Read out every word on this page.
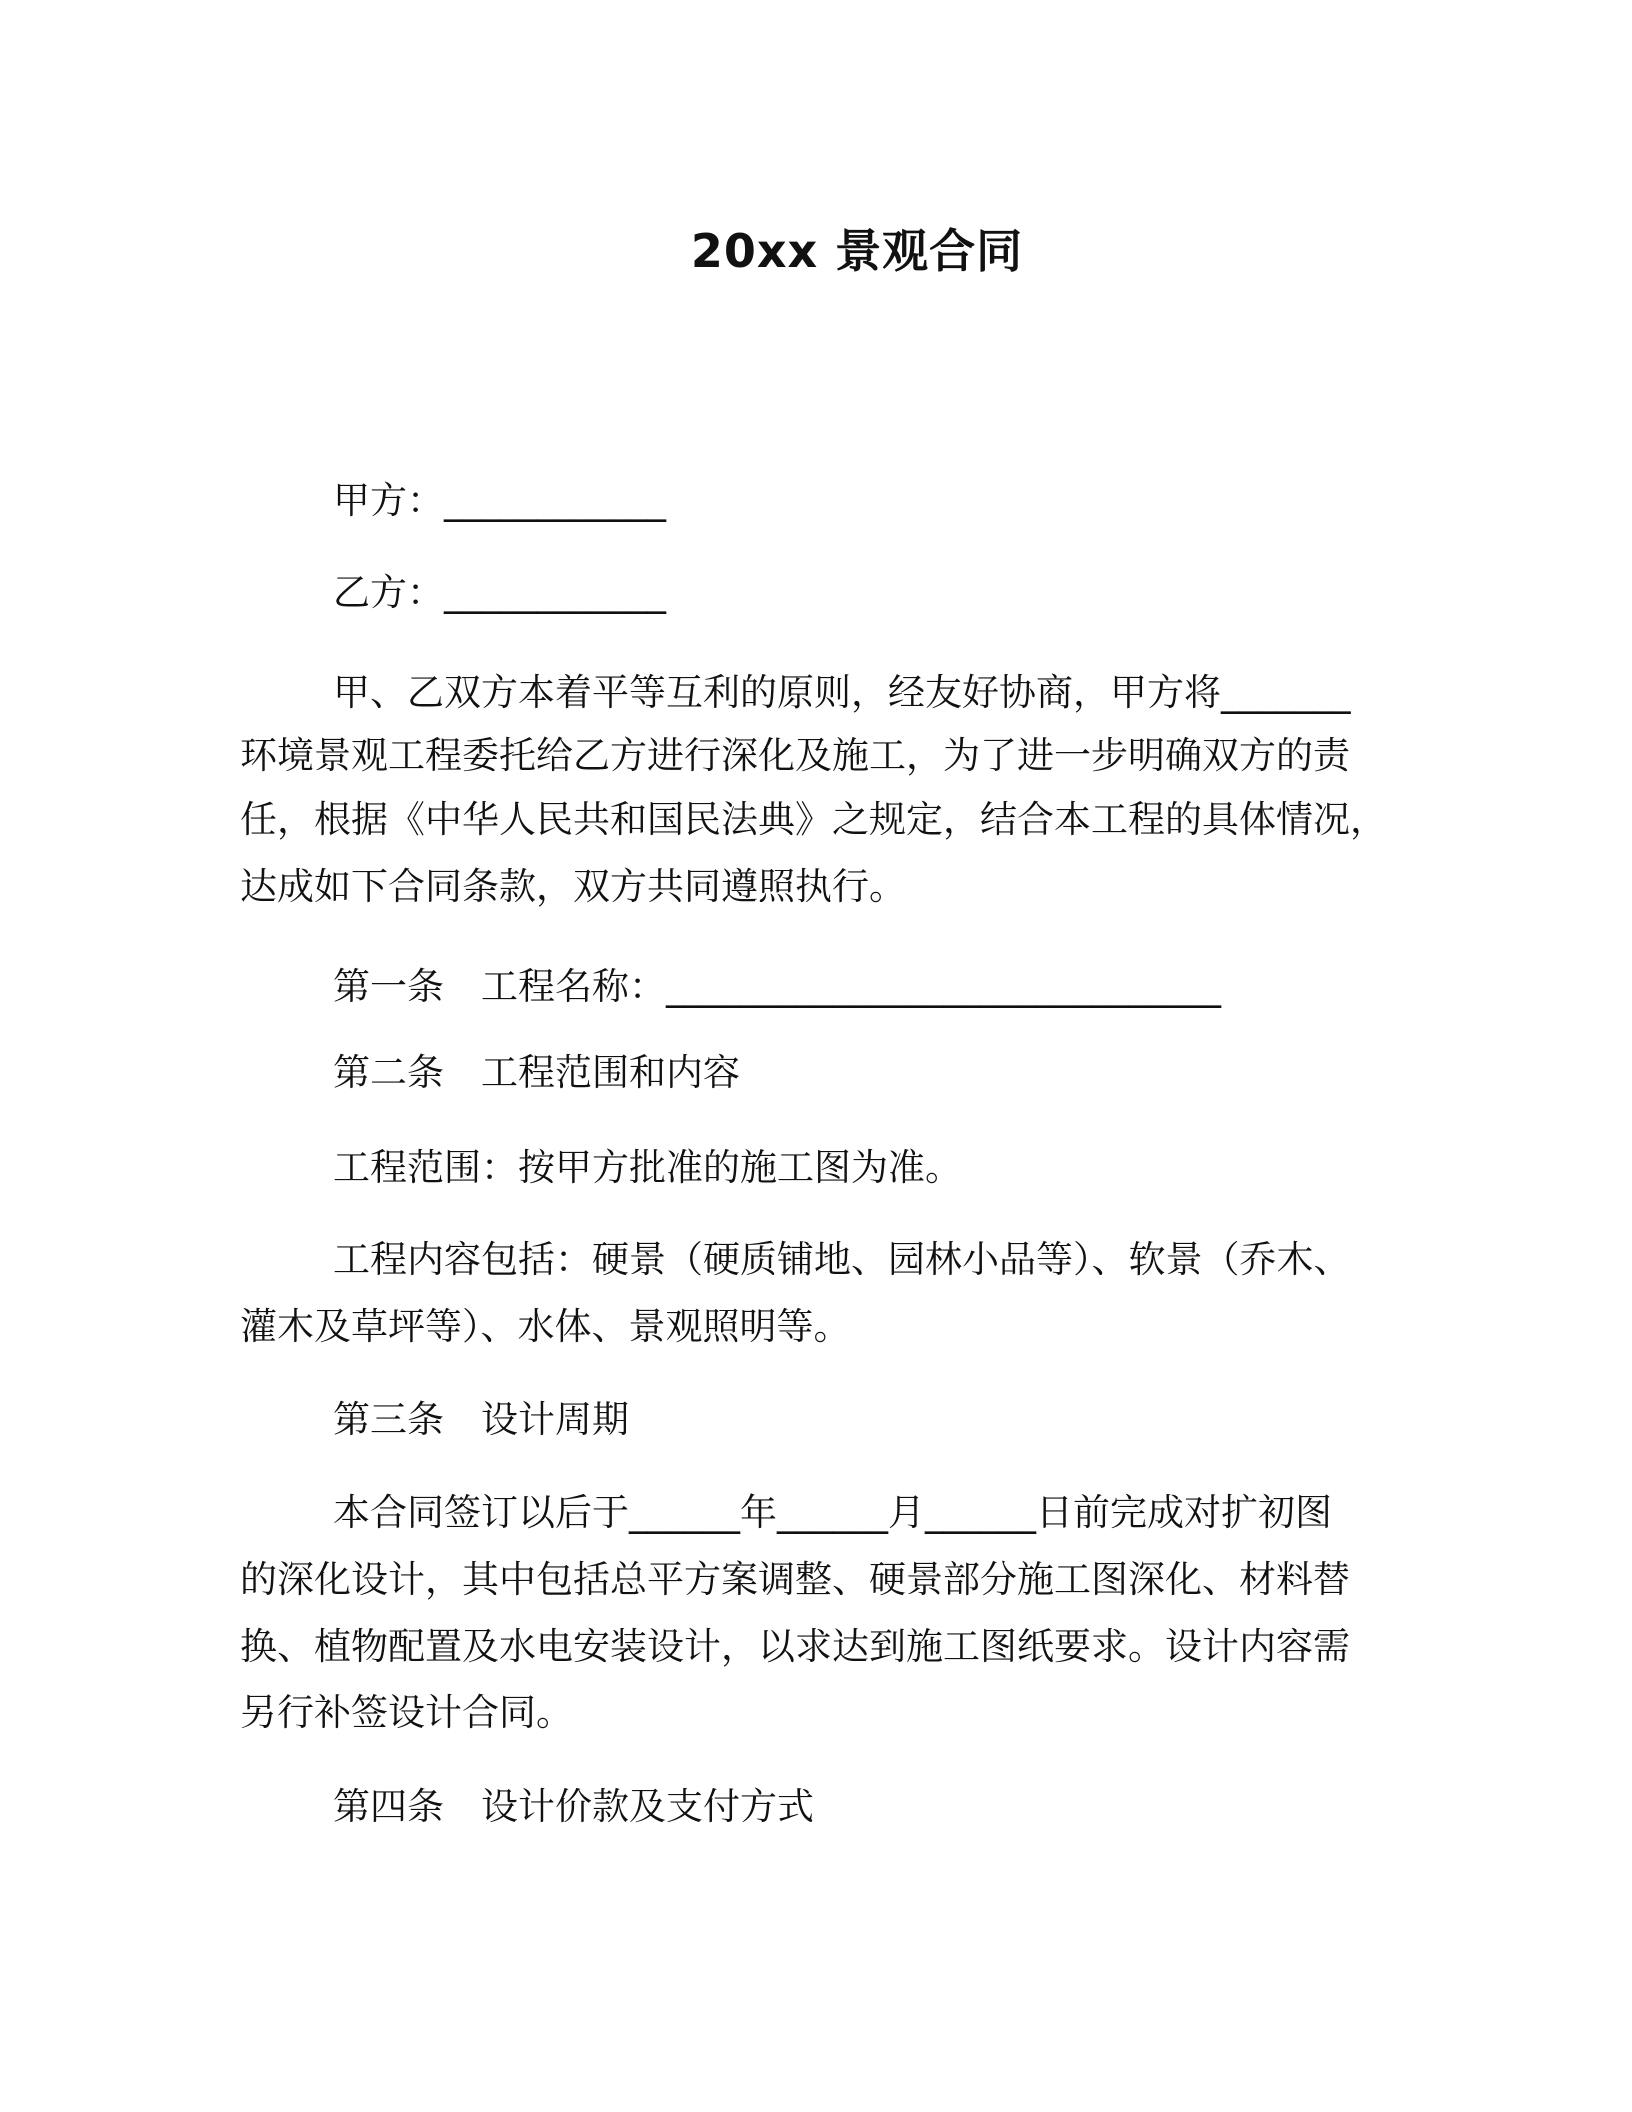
20xx 景观合同
甲方：____________
乙方：____________
甲、乙双方本着平等互利的原则，经友好协商，甲方将_______
环境景观工程委托给乙方进行深化及施工，为了进一步明确双方的责
任，根据《中华人民共和国民法典》之规定，结合本工程的具体情况，
达成如下合同条款，双方共同遵照执行。
第一条　工程名称：______________________________
第二条　工程范围和内容
工程范围：按甲方批准的施工图为准。
工程内容包括：硬景（硬质铺地、园林小品等）、软景（乔木、
灌木及草坪等）、水体、景观照明等。
第三条　设计周期
本合同签订以后于______年______月______日前完成对扩初图
的深化设计，其中包括总平方案调整、硬景部分施工图深化、材料替
换、植物配置及水电安装设计，以求达到施工图纸要求。设计内容需
另行补签设计合同。
第四条　设计价款及支付方式
